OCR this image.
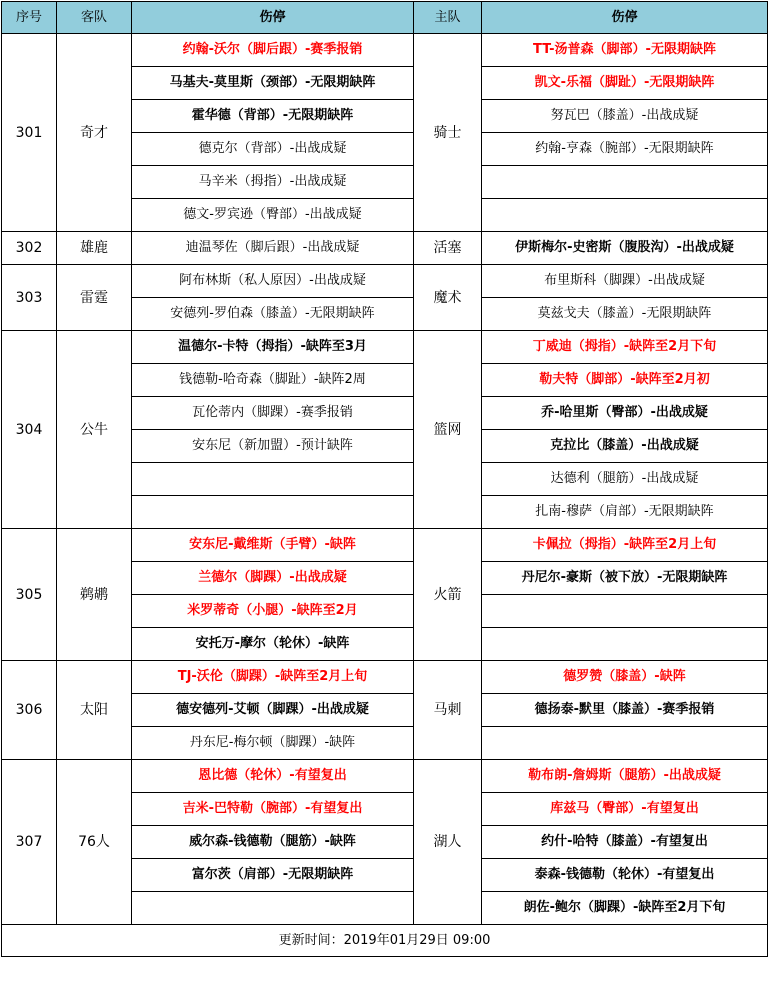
序号	客队	伤停	主队	伤停
301	奇才	约翰-沃尔（脚后跟）-赛季报销	骑士	TT-汤普森（脚部）-无限期缺阵
		马基夫-莫里斯（颈部）-无限期缺阵		凯文-乐福（脚趾）-无限期缺阵
		霍华德（背部）-无限期缺阵		努瓦巴（膝盖）-出战成疑
		德克尔（背部）-出战成疑		约翰-亨森（腕部）-无限期缺阵
		马辛米（拇指）-出战成疑		
		德文-罗宾逊（臀部）-出战成疑		
302	雄鹿	迪温琴佐（脚后跟）-出战成疑	活塞	伊斯梅尔-史密斯（腹股沟）-出战成疑
303	雷霆	阿布林斯（私人原因）-出战成疑	魔术	布里斯科（脚踝）-出战成疑
		安德列-罗伯森（膝盖）-无限期缺阵		莫兹戈夫（膝盖）-无限期缺阵
304	公牛	温德尔-卡特（拇指）-缺阵至3月	篮网	丁威迪（拇指）-缺阵至2月下旬
		钱德勒-哈奇森（脚趾）-缺阵2周		勒夫特（脚部）-缺阵至2月初
		瓦伦蒂内（脚踝）-赛季报销		乔-哈里斯（臀部）-出战成疑
		安东尼（新加盟）-预计缺阵		克拉比（膝盖）-出战成疑
				达德利（腿筋）-出战成疑
				扎南-穆萨（肩部）-无限期缺阵
305	鹈鹕	安东尼-戴维斯（手臂）-缺阵	火箭	卡佩拉（拇指）-缺阵至2月上旬
		兰德尔（脚踝）-出战成疑		丹尼尔-豪斯（被下放）-无限期缺阵
		米罗蒂奇（小腿）-缺阵至2月		
		安托万-摩尔（轮休）-缺阵		
306	太阳	TJ-沃伦（脚踝）-缺阵至2月上旬	马刺	德罗赞（膝盖）-缺阵
		德安德列-艾顿（脚踝）-出战成疑		德扬泰-默里（膝盖）-赛季报销
		丹东尼-梅尔顿（脚踝）-缺阵		
307	76人	恩比德（轮休）-有望复出	湖人	勒布朗-詹姆斯（腿筋）-出战成疑
		吉米-巴特勒（腕部）-有望复出		库兹马（臀部）-有望复出
		威尔森-钱德勒（腿筋）-缺阵		约什-哈特（膝盖）-有望复出
		富尔茨（肩部）-无限期缺阵		泰森-钱德勒（轮休）-有望复出
				朗佐-鲍尔（脚踝）-缺阵至2月下旬
更新时间：2019年01月29日 09:00				
